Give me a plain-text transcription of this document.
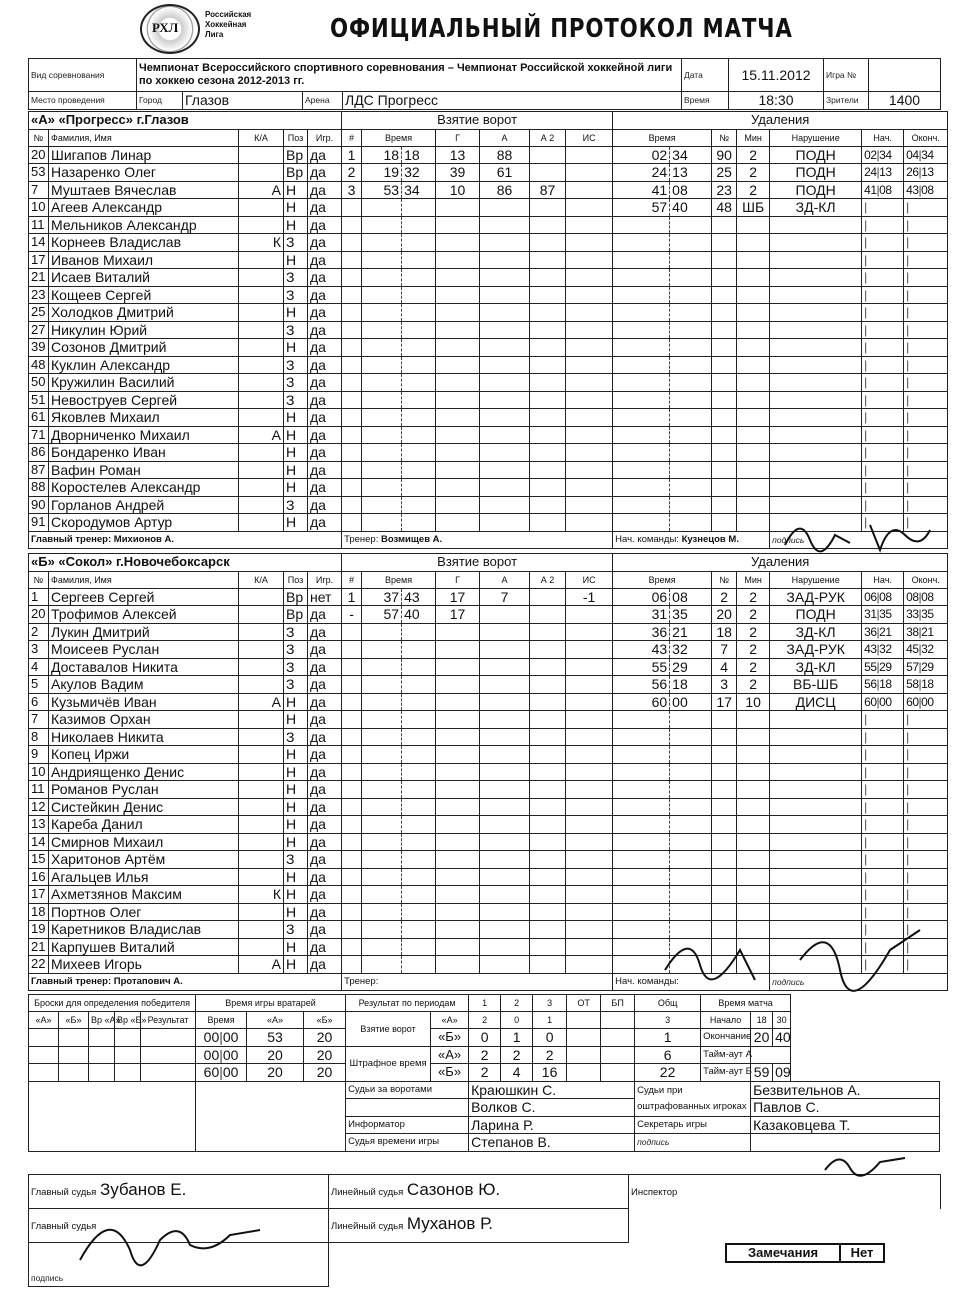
РХЛ
Российская
Хоккейная
Лига	ОФИЦИАЛЬНЫЙ ПРОТОКОЛ МАТЧА
Вид соревнования	Чемпионат Всероссийского спортивного соревнования – Чемпионат Российской хоккейной лиги по хоккею сезона 2012-2013 гг.	Дата	15.11.2012	Игра №	
Место проведения	Город	Глазов	Арена	ЛДС Прогресс	Время	18:30	Зрители	1400
«А» «Прогресс» г.Глазов					Взятие ворот							Удаления						
№	Фамилия, Имя	К/А	Поз	Игр.	#	Время		Г	А	А 2	ИС	Время		№	Мин	Нарушение	Нач.	Оконч.
20	Шигапов Линар		Вр	да	1	18	18	13	88			02	34	90	2	ПОДН	02|34	04|34
53	Назаренко Олег		Вр	да	2	19	32	39	61			24	13	25	2	ПОДН	24|13	26|13
7	Муштаев Вячеслав	А	Н	да	3	53	34	10	86	87		41	08	23	2	ПОДН	41|08	43|08
10	Агеев Александр		Н	да								57	40	48	ШБ	ЗД-КЛ	|	|
11	Мельников Александр		Н	да													|	|
14	Корнеев Владислав	К	З	да													|	|
17	Иванов Михаил		Н	да													|	|
21	Исаев Виталий		З	да													|	|
23	Кощеев Сергей		З	да													|	|
25	Холодков Дмитрий		Н	да													|	|
27	Никулин Юрий		З	да													|	|
39	Созонов Дмитрий		Н	да													|	|
48	Куклин Александр		З	да													|	|
50	Кружилин Василий		З	да													|	|
51	Невоструев Сергей		З	да													|	|
61	Яковлев Михаил		Н	да													|	|
71	Дворниченко Михаил	А	Н	да													|	|
86	Бондаренко Иван		Н	да													|	|
87	Вафин Роман		Н	да													|	|
88	Коростелев Александр		Н	да													|	|
90	Горланов Андрей		З	да													|	|
91	Скородумов Артур		Н	да													|	|
Главный тренер: Михионов А.					Тренер: Возмищев А.							Нач. команды: Кузнецов М.				подпись		
«Б» «Сокол» г.Новочебоксарск					Взятие ворот							Удаления						
№	Фамилия, Имя	К/А	Поз	Игр.	#	Время		Г	А	А 2	ИС	Время		№	Мин	Нарушение	Нач.	Оконч.
1	Сергеев Сергей		Вр	нет	1	37	43	17	7		-1	06	08	2	2	ЗАД-РУК	06|08	08|08
20	Трофимов Алексей		Вр	да	-	57	40	17				31	35	20	2	ПОДН	31|35	33|35
2	Лукин Дмитрий		З	да								36	21	18	2	ЗД-КЛ	36|21	38|21
3	Моисеев Руслан		З	да								43	32	7	2	ЗАД-РУК	43|32	45|32
4	Доставалов Никита		З	да								55	29	4	2	ЗД-КЛ	55|29	57|29
5	Акулов Вадим		З	да								56	18	3	2	ВБ-ШБ	56|18	58|18
6	Кузьмичёв Иван	А	Н	да								60	00	17	10	ДИСЦ	60|00	60|00
7	Казимов Орхан		Н	да													|	|
8	Николаев Никита		З	да													|	|
9	Копец Иржи		Н	да													|	|
10	Андриященко Денис		Н	да													|	|
11	Романов Руслан		Н	да													|	|
12	Систейкин Денис		Н	да													|	|
13	Кареба Данил		Н	да													|	|
14	Смирнов Михаил		Н	да													|	|
15	Харитонов Артём		З	да													|	|
16	Агальцев Илья		Н	да													|	|
17	Ахметзянов Максим	К	Н	да													|	|
18	Портнов Олег		Н	да													|	|
19	Каретников Владислав		З	да													|	|
21	Карпушев Виталий		Н	да													|	|
22	Михеев Игорь	А	Н	да													|	|
Главный тренер: Протапович А.					Тренер:							Нач. команды:				подпись		
Броски для определения победителя					Время игры вратарей			Результат по периодам		1	2	3	ОТ	БП	Общ	Время матча		
«А»	«Б»	Вр «А»	Вр «Б»	Результат	Время	«А»	«Б»	Взятие ворот	«А»	2	0	1			3	Начало	18	30
					00|00	53	20		«Б»	0	1	0			1	Окончание	20	40
					00|00	20	20	Штрафное время	«А»	2	2	2			6	Тайм-аут А		
					60|00	20	20		«Б»	2	4	16			22	Тайм-аут Б	59	09
								Судьи за воротами		Краюшкин С.					Судьи при оштрафованных игроках		Безвительнов А.	
										Волков С.							Павлов С.	
								Информатор		Ларина Р.					Секретарь игры		Казаковцева Т.	
								Судья времени игры		Степанов В.					подпись			
Главный судья Зубанов Е.	Линейный судья Сазонов Ю.	Инспектор
Главный судья	Линейный судья Муханов Р.	
подпись		
Замечания	Нет
